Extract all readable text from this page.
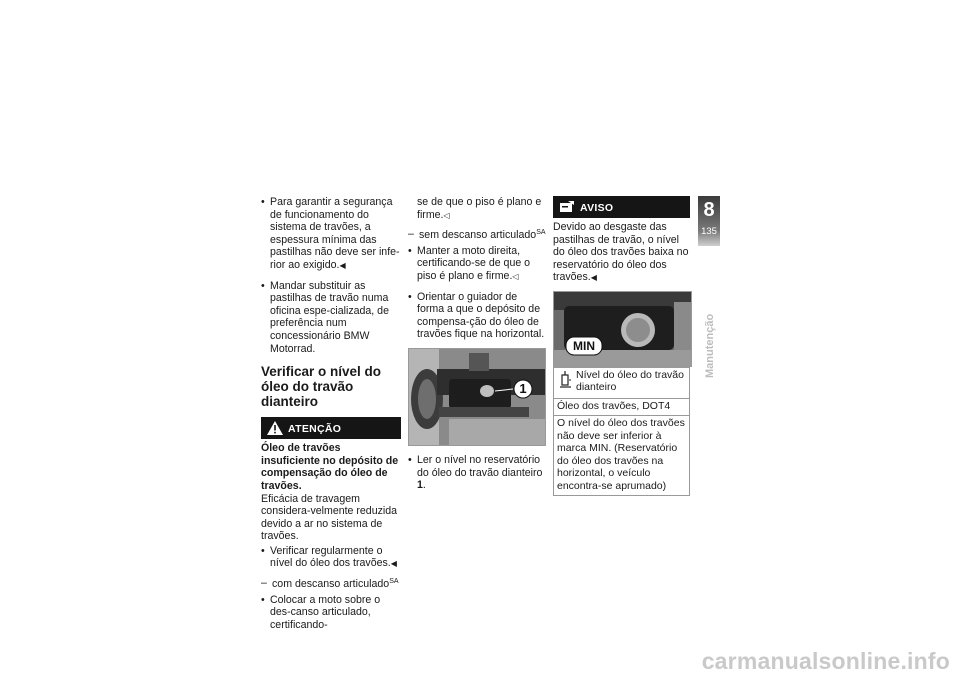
• Para garantir a segurança de funcionamento do sistema de travões, a espessura mínima das pastilhas não deve ser infe-rior ao exigido.◀
• Mandar substituir as pastilhas de travão numa oficina espe-cializada, de preferência num concessionário BMW Motorrad.
Verificar o nível do óleo do travão dianteiro
ATENÇÃO
Óleo de travões insuficiente no depósito de compensação do óleo de travões.
Eficácia de travagem considera-velmente reduzida devido a ar no sistema de travões.
• Verificar regularmente o nível do óleo dos travões.◀
– com descanso articulado$^{SA}$
• Colocar a moto sobre o des-canso articulado, certificando-
se de que o piso é plano e firme.◁
– sem descanso articulado$^{SA}$
• Manter a moto direita, certificando-se de que o piso é plano e firme.◁
• Orientar o guiador de forma a que o depósito de compensa-ção do óleo de travões fique na horizontal.
1
• Ler o nível no reservatório do óleo do travão dianteiro 1.
AVISO
Devido ao desgaste das pastilhas de travão, o nível do óleo dos travões baixa no reservatório do óleo dos travões.◀
MIN
Nível do óleo do travão dianteiro
Óleo dos travões, DOT4
O nível do óleo dos travões não deve ser inferior à marca MIN. (Reservatório do óleo dos travões na horizontal, o veículo encontra-se aprumado)
8
135
Manutenção
carmanualsonline.info
